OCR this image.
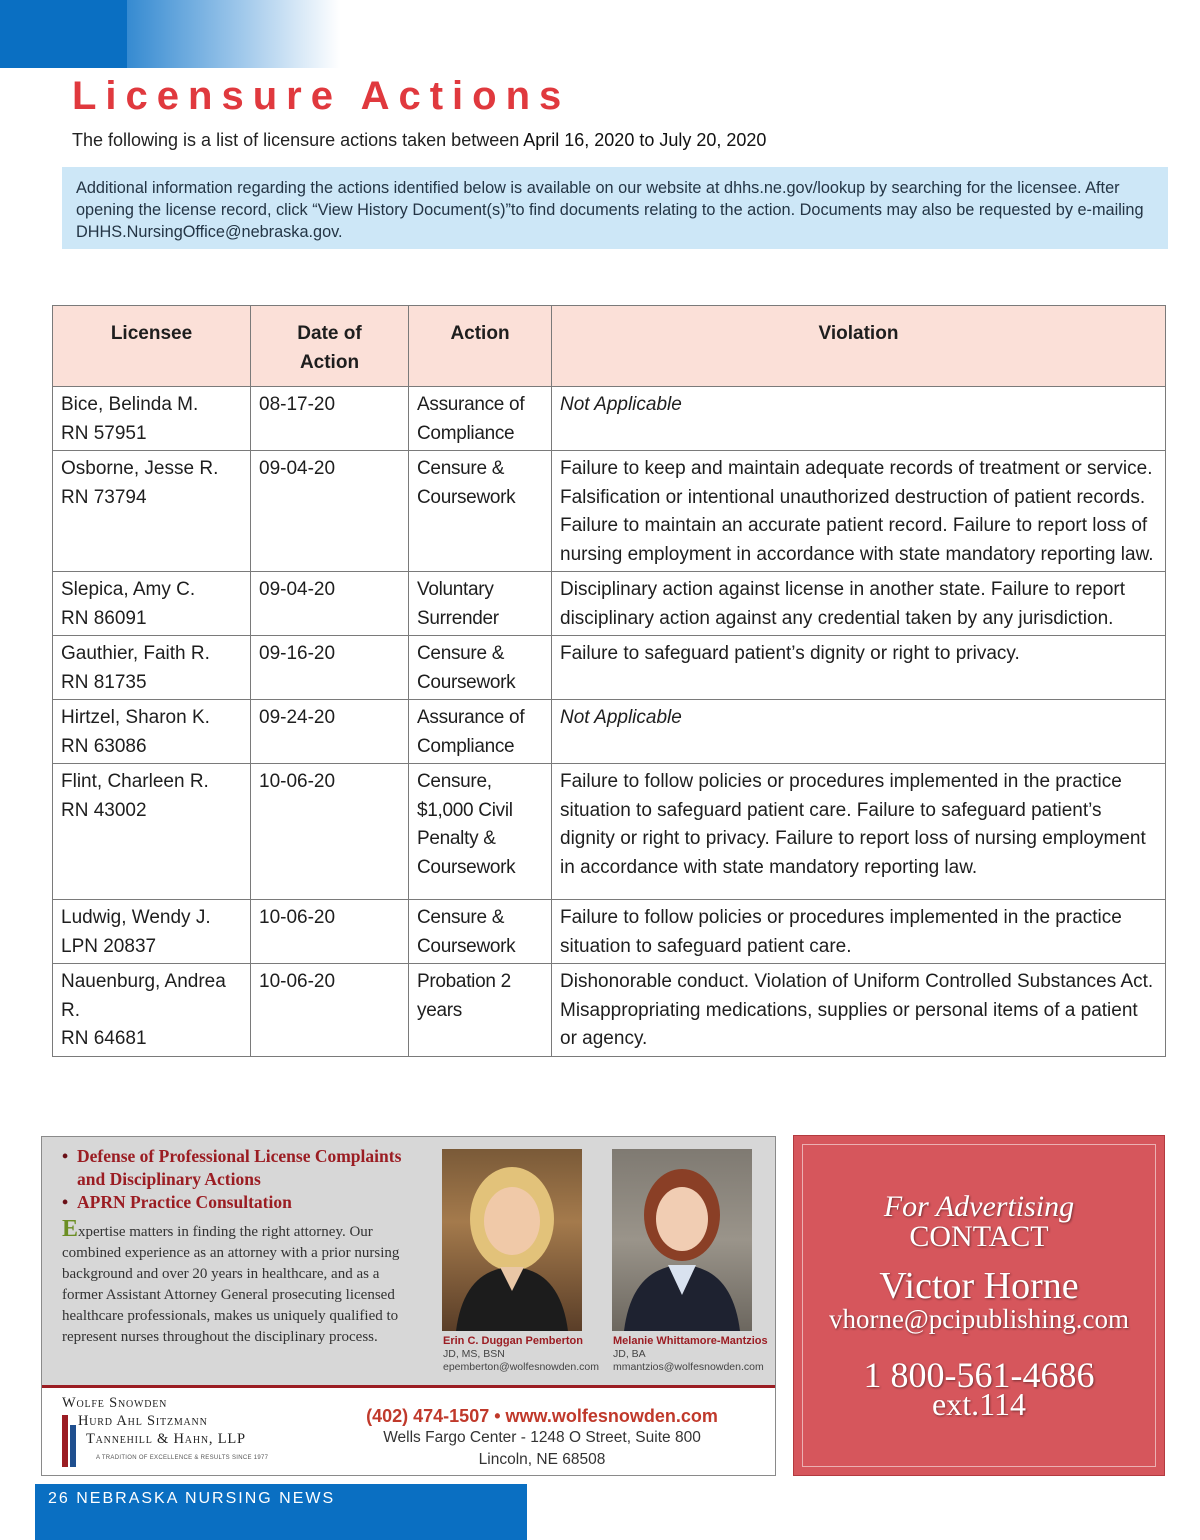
Licensure Actions
The following is a list of licensure actions taken between April 16, 2020 to July 20, 2020
Additional information regarding the actions identified below is available on our website at dhhs.ne.gov/lookup by searching for the licensee. After opening the license record, click “View History Document(s)”to find documents relating to the action. Documents may also be requested by e-mailing DHHS.NursingOffice@nebraska.gov.
Licensee	Date of Action	Action	Violation

Bice, Belinda M.
RN 57951	08-17-20	Assurance of Compliance	Not Applicable

Osborne, Jesse R.
RN 73794	09-04-20	Censure & Coursework	Failure to keep and maintain adequate records of treatment or service. Falsification or intentional unauthorized destruction of patient records. Failure to maintain an accurate patient record. Failure to report loss of nursing employment in accordance with state mandatory reporting law.

Slepica, Amy C.
RN 86091	09-04-20	Voluntary Surrender	Disciplinary action against license in another state. Failure to report disciplinary action against any credential taken by any jurisdiction.

Gauthier, Faith R.
RN 81735	09-16-20	Censure & Coursework	Failure to safeguard patient’s dignity or right to privacy.

Hirtzel, Sharon K.
RN 63086	09-24-20	Assurance of Compliance	Not Applicable

Flint, Charleen R.
RN 43002	10-06-20	Censure, $1,000 Civil Penalty & Coursework	Failure to follow policies or procedures implemented in the practice situation to safeguard patient care. Failure to safeguard patient’s dignity or right to privacy. Failure to report loss of nursing employment in accordance with state mandatory reporting law.

Ludwig, Wendy J.
LPN 20837	10-06-20	Censure & Coursework	Failure to follow policies or procedures implemented in the practice situation to safeguard patient care.

Nauenburg, Andrea R.
RN 64681	10-06-20	Probation 2 years	Dishonorable conduct. Violation of Uniform Controlled Substances Act. Misappropriating medications, supplies or personal items of a patient or agency.
• Defense of Professional License Complaints and Disciplinary Actions
• APRN Practice Consultation
Expertise matters in finding the right attorney. Our combined experience as an attorney with a prior nursing background and over 20 years in healthcare, and as a former Assistant Attorney General prosecuting licensed healthcare professionals, makes us uniquely qualified to represent nurses throughout the disciplinary process.	Erin C. Duggan Pemberton
JD, MS, BSN
epemberton@wolfesnowden.com
Melanie Whittamore-Mantzios
JD, BA
mmantzios@wolfesnowden.com
Wolfe Snowden
Hurd Ahl Sitzmann
Tannehill & Hahn, LLP
A TRADITION OF EXCELLENCE & RESULTS SINCE 1977
(402) 474-1507 • www.wolfesnowden.com
Wells Fargo Center - 1248 O Street, Suite 800
Lincoln, NE 68508
For Advertising
CONTACT
Victor Horne
vhorne@pcipublishing.com
1 800-561-4686
ext.114
26 NEBRASKA NURSING NEWS
